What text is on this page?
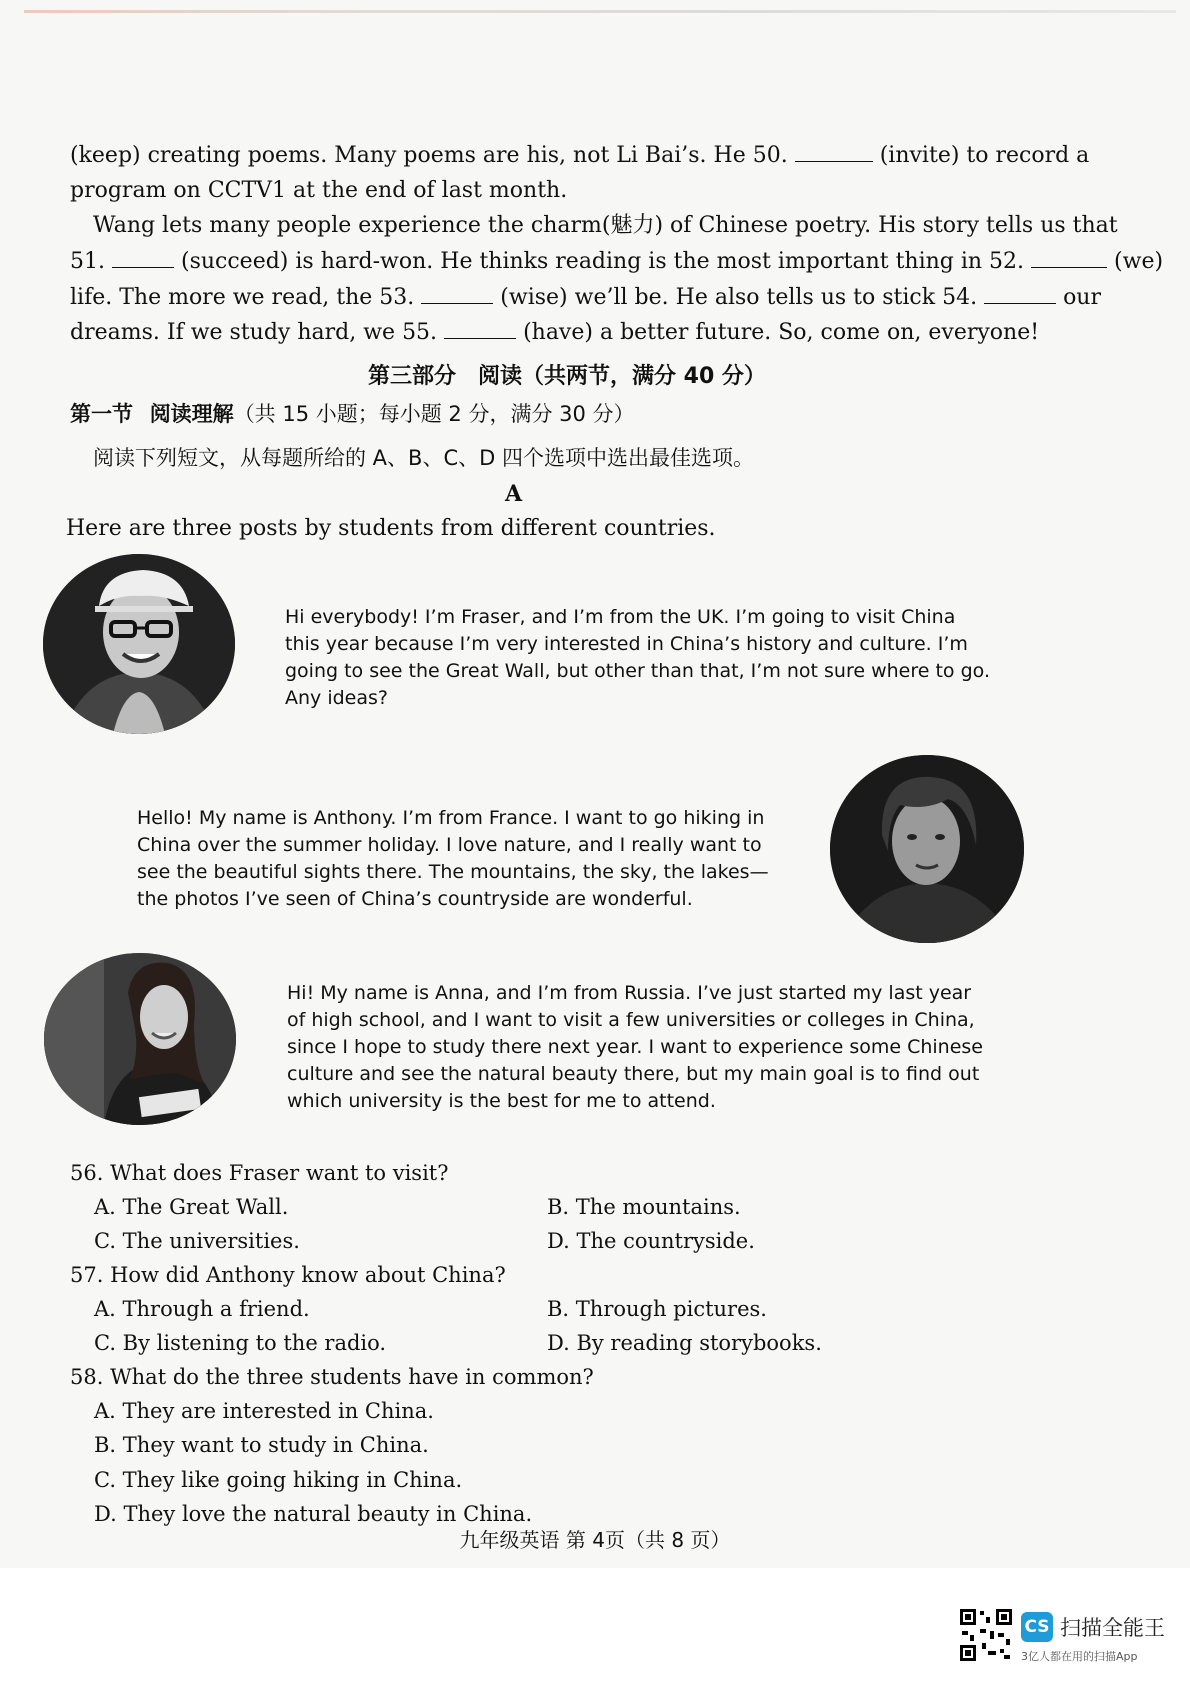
(keep) creating poems. Many poems are his, not Li Bai’s. He 50.	(invite) to record a
program on CCTV1 at the end of last month.
Wang lets many people experience the charm(魅力) of Chinese poetry. His story tells us that
51.	(succeed) is hard-won. He thinks reading is the most important thing in 52.	(we)
life. The more we read, the 53.	(wise) we’ll be. He also tells us to stick 54.	our
dreams. If we study hard, we 55.	(have) a better future. So, come on, everyone!
第三部分　阅读（共两节，满分 40 分）
第一节 阅读理解（共 15 小题；每小题 2 分，满分 30 分）
阅读下列短文，从每题所给的 A、B、C、D 四个选项中选出最佳选项。
A
Here are three posts by students from different countries.
Hi everybody! I’m Fraser, and I’m from the UK. I’m going to visit China
this year because I’m very interested in China’s history and culture. I’m
going to see the Great Wall, but other than that, I’m not sure where to go.
Any ideas?
Hello! My name is Anthony. I’m from France. I want to go hiking in
China over the summer holiday. I love nature, and I really want to
see the beautiful sights there. The mountains, the sky, the lakes—
the photos I’ve seen of China’s countryside are wonderful.
Hi! My name is Anna, and I’m from Russia. I’ve just started my last year
of high school, and I want to visit a few universities or colleges in China,
since I hope to study there next year. I want to experience some Chinese
culture and see the natural beauty there, but my main goal is to find out
which university is the best for me to attend.
56. What does Fraser want to visit?
A. The Great Wall.	B. The mountains.
C. The universities.	D. The countryside.
57. How did Anthony know about China?
A. Through a friend.	B. Through pictures.
C. By listening to the radio.	D. By reading storybooks.
58. What do the three students have in common?
A. They are interested in China.
B. They want to study in China.
C. They like going hiking in China.
D. They love the natural beauty in China.
九年级英语 第 4页（共 8 页）
CS 扫描全能王
3亿人都在用的扫描App
